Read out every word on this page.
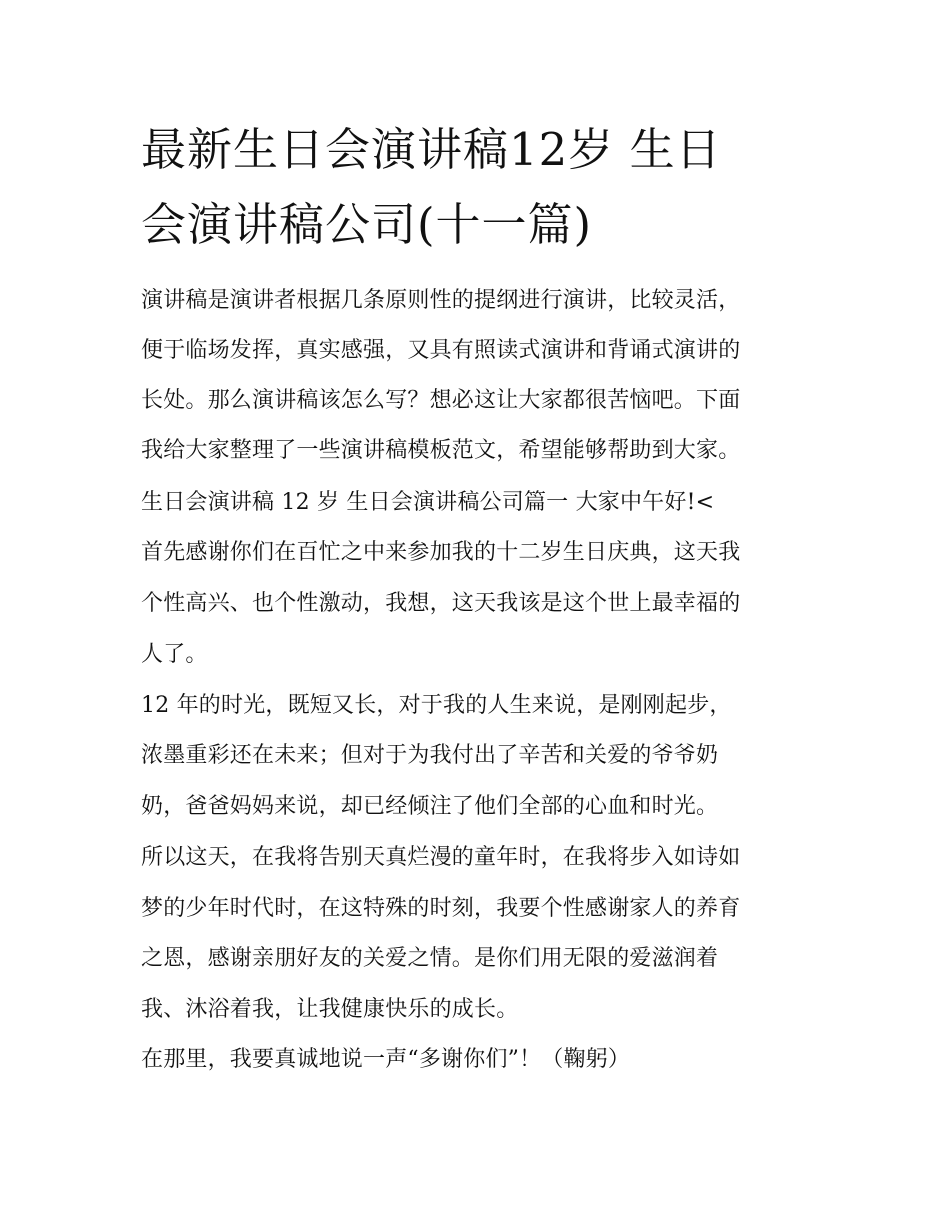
最新生日会演讲稿12岁 生日
会演讲稿公司(十一篇)

演讲稿是演讲者根据几条原则性的提纲进行演讲，比较灵活，

便于临场发挥，真实感强，又具有照读式演讲和背诵式演讲的

长处。那么演讲稿该怎么写？想必这让大家都很苦恼吧。下面

我给大家整理了一些演讲稿模板范文，希望能够帮助到大家。

生日会演讲稿 12 岁 生日会演讲稿公司篇一 大家中午好!<

首先感谢你们在百忙之中来参加我的十二岁生日庆典，这天我

个性高兴、也个性激动，我想，这天我该是这个世上最幸福的

人了。

12 年的时光，既短又长，对于我的人生来说，是刚刚起步，

浓墨重彩还在未来；但对于为我付出了辛苦和关爱的爷爷奶

奶，爸爸妈妈来说，却已经倾注了他们全部的心血和时光。

所以这天，在我将告别天真烂漫的童年时，在我将步入如诗如

梦的少年时代时，在这特殊的时刻，我要个性感谢家人的养育

之恩，感谢亲朋好友的关爱之情。是你们用无限的爱滋润着

我、沐浴着我，让我健康快乐的成长。

在那里，我要真诚地说一声“多谢你们”！（鞠躬）
